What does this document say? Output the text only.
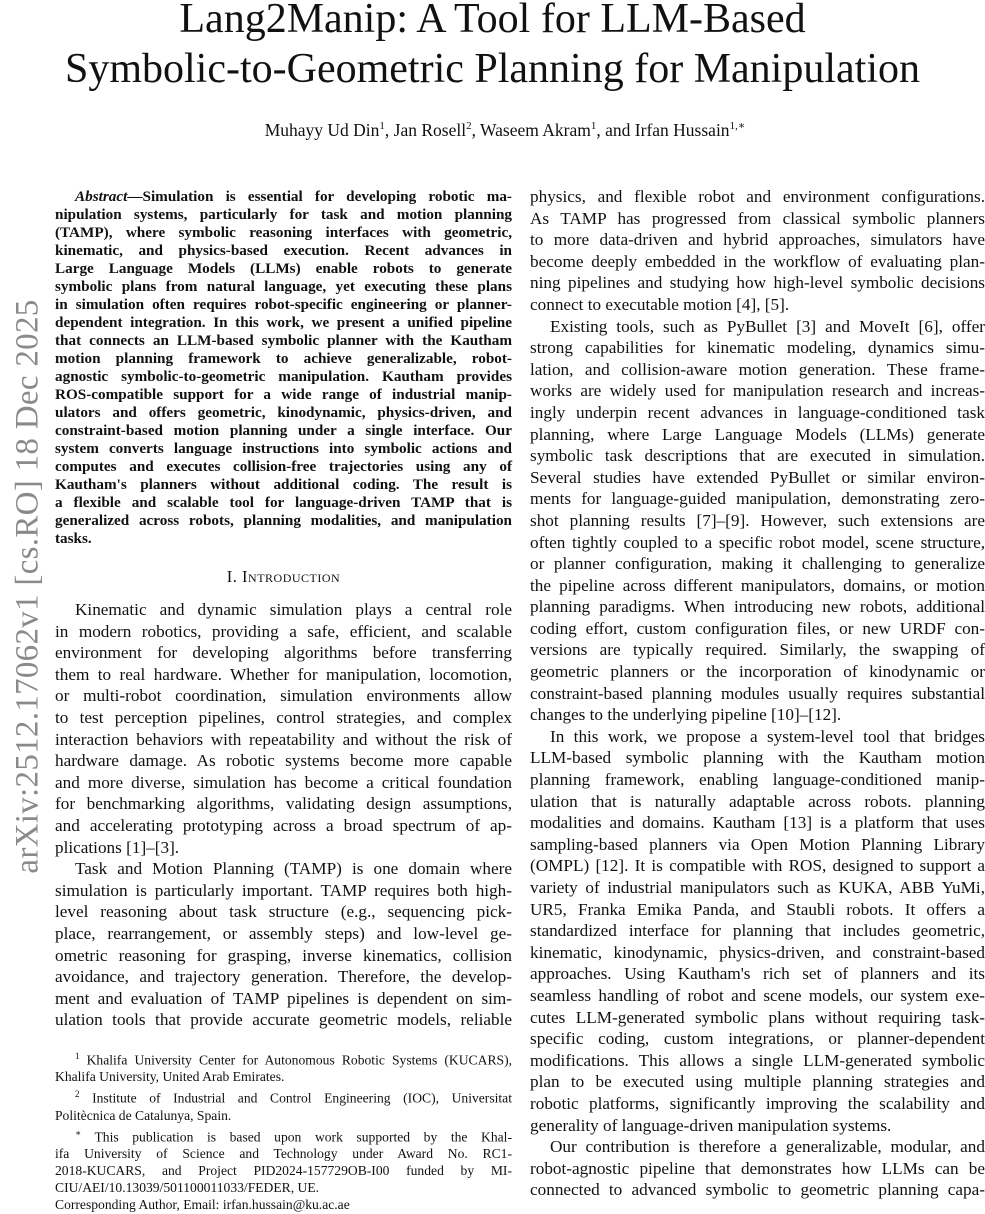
arXiv:2512.17062v1 [cs.RO] 18 Dec 2025
Lang2Manip: A Tool for LLM-Based
Symbolic-to-Geometric Planning for Manipulation
Muhayy Ud Din$^1$, Jan Rosell$^2$, Waseem Akram$^1$, and Irfan Hussain$^{1,∗}$
Abstract—Simulation is essential for developing robotic ma-
nipulation systems, particularly for task and motion planning
(TAMP), where symbolic reasoning interfaces with geometric,
kinematic, and physics-based execution. Recent advances in
Large Language Models (LLMs) enable robots to generate
symbolic plans from natural language, yet executing these plans
in simulation often requires robot-specific engineering or planner-
dependent integration. In this work, we present a unified pipeline
that connects an LLM-based symbolic planner with the Kautham
motion planning framework to achieve generalizable, robot-
agnostic symbolic-to-geometric manipulation. Kautham provides
ROS-compatible support for a wide range of industrial manip-
ulators and offers geometric, kinodynamic, physics-driven, and
constraint-based motion planning under a single interface. Our
system converts language instructions into symbolic actions and
computes and executes collision-free trajectories using any of
Kautham's planners without additional coding. The result is
a flexible and scalable tool for language-driven TAMP that is
generalized across robots, planning modalities, and manipulation
tasks.
I. Introduction
Kinematic and dynamic simulation plays a central role
in modern robotics, providing a safe, efficient, and scalable
environment for developing algorithms before transferring
them to real hardware. Whether for manipulation, locomotion,
or multi-robot coordination, simulation environments allow
to test perception pipelines, control strategies, and complex
interaction behaviors with repeatability and without the risk of
hardware damage. As robotic systems become more capable
and more diverse, simulation has become a critical foundation
for benchmarking algorithms, validating design assumptions,
and accelerating prototyping across a broad spectrum of ap-
plications [1]–[3].
Task and Motion Planning (TAMP) is one domain where
simulation is particularly important. TAMP requires both high-
level reasoning about task structure (e.g., sequencing pick-
place, rearrangement, or assembly steps) and low-level ge-
ometric reasoning for grasping, inverse kinematics, collision
avoidance, and trajectory generation. Therefore, the develop-
ment and evaluation of TAMP pipelines is dependent on sim-
ulation tools that provide accurate geometric models, reliable
physics, and flexible robot and environment configurations.
As TAMP has progressed from classical symbolic planners
to more data-driven and hybrid approaches, simulators have
become deeply embedded in the workflow of evaluating plan-
ning pipelines and studying how high-level symbolic decisions
connect to executable motion [4], [5].
Existing tools, such as PyBullet [3] and MoveIt [6], offer
strong capabilities for kinematic modeling, dynamics simu-
lation, and collision-aware motion generation. These frame-
works are widely used for manipulation research and increas-
ingly underpin recent advances in language-conditioned task
planning, where Large Language Models (LLMs) generate
symbolic task descriptions that are executed in simulation.
Several studies have extended PyBullet or similar environ-
ments for language-guided manipulation, demonstrating zero-
shot planning results [7]–[9]. However, such extensions are
often tightly coupled to a specific robot model, scene structure,
or planner configuration, making it challenging to generalize
the pipeline across different manipulators, domains, or motion
planning paradigms. When introducing new robots, additional
coding effort, custom configuration files, or new URDF con-
versions are typically required. Similarly, the swapping of
geometric planners or the incorporation of kinodynamic or
constraint-based planning modules usually requires substantial
changes to the underlying pipeline [10]–[12].
In this work, we propose a system-level tool that bridges
LLM-based symbolic planning with the Kautham motion
planning framework, enabling language-conditioned manip-
ulation that is naturally adaptable across robots. planning
modalities and domains. Kautham [13] is a platform that uses
sampling-based planners via Open Motion Planning Library
(OMPL) [12]. It is compatible with ROS, designed to support a
variety of industrial manipulators such as KUKA, ABB YuMi,
UR5, Franka Emika Panda, and Staubli robots. It offers a
standardized interface for planning that includes geometric,
kinematic, kinodynamic, physics-driven, and constraint-based
approaches. Using Kautham's rich set of planners and its
seamless handling of robot and scene models, our system exe-
cutes LLM-generated symbolic plans without requiring task-
specific coding, custom integrations, or planner-dependent
modifications. This allows a single LLM-generated symbolic
plan to be executed using multiple planning strategies and
robotic platforms, significantly improving the scalability and
generality of language-driven manipulation systems.
Our contribution is therefore a generalizable, modular, and
robot-agnostic pipeline that demonstrates how LLMs can be
connected to advanced symbolic to geometric planning capa-
$^1$ Khalifa University Center for Autonomous Robotic Systems (KUCARS),
Khalifa University, United Arab Emirates.
$^2$ Institute of Industrial and Control Engineering (IOC), Universitat
Politècnica de Catalunya, Spain.
∗ This publication is based upon work supported by the Khal-
ifa University of Science and Technology under Award No. RC1-
2018-KUCARS, and Project PID2024-157729OB-I00 funded by MI-
CIU/AEI/10.13039/501100011033/FEDER, UE.
Corresponding Author, Email: irfan.hussain@ku.ac.ae
